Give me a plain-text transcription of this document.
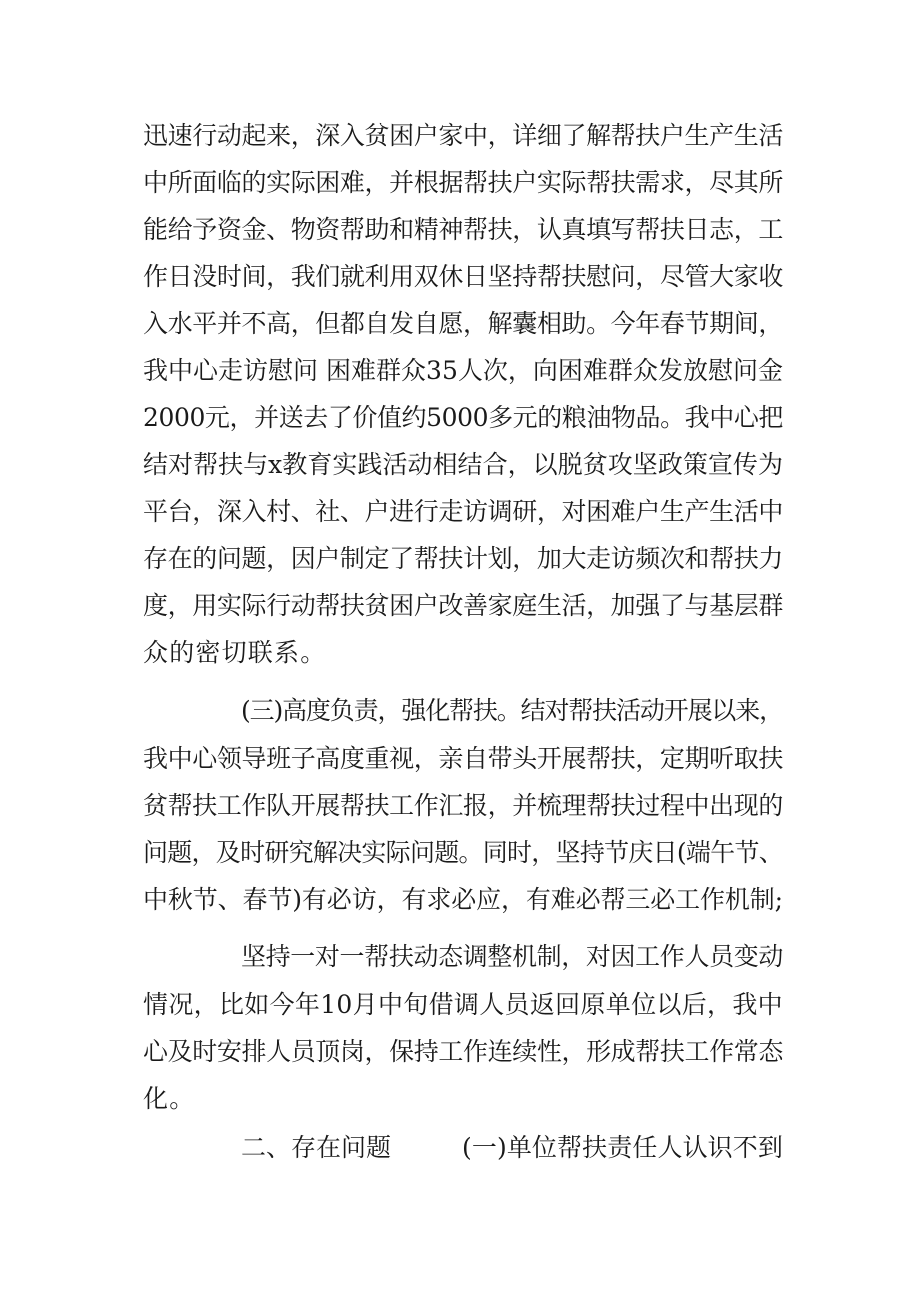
迅速行动起来，深入贫困户家中，详细了解帮扶户生产生活
中所面临的实际困难，并根据帮扶户实际帮扶需求，尽其所
能给予资金、物资帮助和精神帮扶，认真填写帮扶日志，工
作日没时间，我们就利用双休日坚持帮扶慰问，尽管大家收
入水平并不高，但都自发自愿，解囊相助。今年春节期间，
我中心走访慰问 困难群众35人次，向困难群众发放慰问金
2000元，并送去了价值约5000多元的粮油物品。我中心把
结对帮扶与x教育实践活动相结合，以脱贫攻坚政策宣传为
平台，深入村、社、户进行走访调研，对困难户生产生活中
存在的问题，因户制定了帮扶计划，加大走访频次和帮扶力
度，用实际行动帮扶贫困户改善家庭生活，加强了与基层群
众的密切联系。
(三)高度负责，强化帮扶。结对帮扶活动开展以来，
我中心领导班子高度重视，亲自带头开展帮扶，定期听取扶
贫帮扶工作队开展帮扶工作汇报，并梳理帮扶过程中出现的
问题，及时研究解决实际问题。同时，坚持节庆日(端午节、
中秋节、春节)有必访，有求必应，有难必帮三必工作机制;
坚持一对一帮扶动态调整机制，对因工作人员变动
情况，比如今年10月中旬借调人员返回原单位以后，我中
心及时安排人员顶岗，保持工作连续性，形成帮扶工作常态
化。
二、存在问题	(一)单位帮扶责任人认识不到
